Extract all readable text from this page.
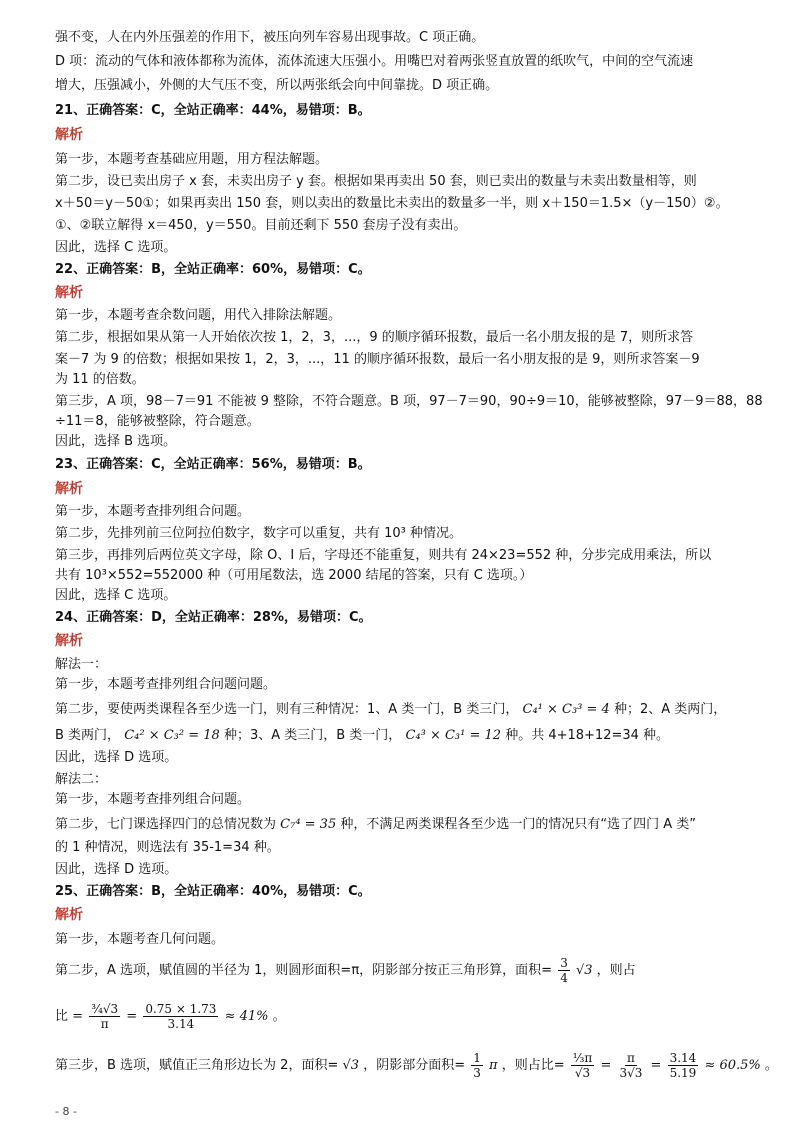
强不变，人在内外压强差的作用下，被压向列车容易出现事故。C 项正确。
D 项：流动的气体和液体都称为流体，流体流速大压强小。用嘴巴对着两张竖直放置的纸吹气，中间的空气流速
增大，压强减小，外侧的大气压不变，所以两张纸会向中间靠拢。D 项正确。
21、正确答案：C，全站正确率：44%，易错项：B。
解析
第一步，本题考查基础应用题，用方程法解题。
第二步，设已卖出房子 x 套，未卖出房子 y 套。根据如果再卖出 50 套，则已卖出的数量与未卖出数量相等，则
x＋50＝y－50①；如果再卖出 150 套，则以卖出的数量比未卖出的数量多一半，则 x＋150＝1.5×（y－150）②。
①、②联立解得 x＝450，y＝550。目前还剩下 550 套房子没有卖出。
因此，选择 C 选项。
22、正确答案：B，全站正确率：60%，易错项：C。
解析
第一步，本题考查余数问题，用代入排除法解题。
第二步，根据如果从第一人开始依次按 1，2，3，...，9 的顺序循环报数，最后一名小朋友报的是 7，则所求答
案－7 为 9 的倍数；根据如果按 1，2，3，...，11 的顺序循环报数，最后一名小朋友报的是 9，则所求答案－9
为 11 的倍数。
第三步，A 项，98－7＝91 不能被 9 整除，不符合题意。B 项，97－7＝90，90÷9＝10，能够被整除，97－9＝88，88
÷11＝8，能够被整除，符合题意。
因此，选择 B 选项。
23、正确答案：C，全站正确率：56%，易错项：B。
解析
第一步，本题考查排列组合问题。
第二步，先排列前三位阿拉伯数字，数字可以重复，共有 10³ 种情况。
第三步，再排列后两位英文字母，除 O、I 后，字母还不能重复，则共有 24×23=552 种，分步完成用乘法，所以
共有 10³×552=552000 种（可用尾数法，选 2000 结尾的答案，只有 C 选项。）
因此，选择 C 选项。
24、正确答案：D，全站正确率：28%，易错项：C。
解析
解法一：
第一步，本题考查排列组合问题问题。
第二步，要使两类课程各至少选一门，则有三种情况：1、A 类一门，B 类三门， C₄¹ × C₃³ = 4 种；2、A 类两门，
B 类两门， C₄² × C₃² = 18 种；3、A 类三门，B 类一门， C₄³ × C₃¹ = 12 种。共 4+18+12=34 种。
因此，选择 D 选项。
解法二：
第一步，本题考查排列组合问题。
第二步，七门课选择四门的总情况数为 C₇⁴ = 35 种，不满足两类课程各至少选一门的情况只有“选了四门 A 类”
的 1 种情况，则选法有 35-1=34 种。
因此，选择 D 选项。
25、正确答案：B，全站正确率：40%，易错项：C。
解析
第一步，本题考查几何问题。
第二步，A 选项，赋值圆的半径为 1，则圆形面积=π，阴影部分按正三角形算，面积= $\frac{3}{4} √3$ ，则占
比 = $\frac{\text{¾√3}}{\pi} = \frac{0.75 \times 1.73}{3.14} \approx 41\%$ 。
第三步，B 选项，赋值正三角形边长为 2，面积= √3 ，阴影部分面积= $\frac{1}{3}$ π ，则占比= $\frac{\text{⅓π}}{√3} = \frac{\pi}{3√3} = \frac{3.14}{5.19} \approx 60.5\%$ 。
- 8 -
